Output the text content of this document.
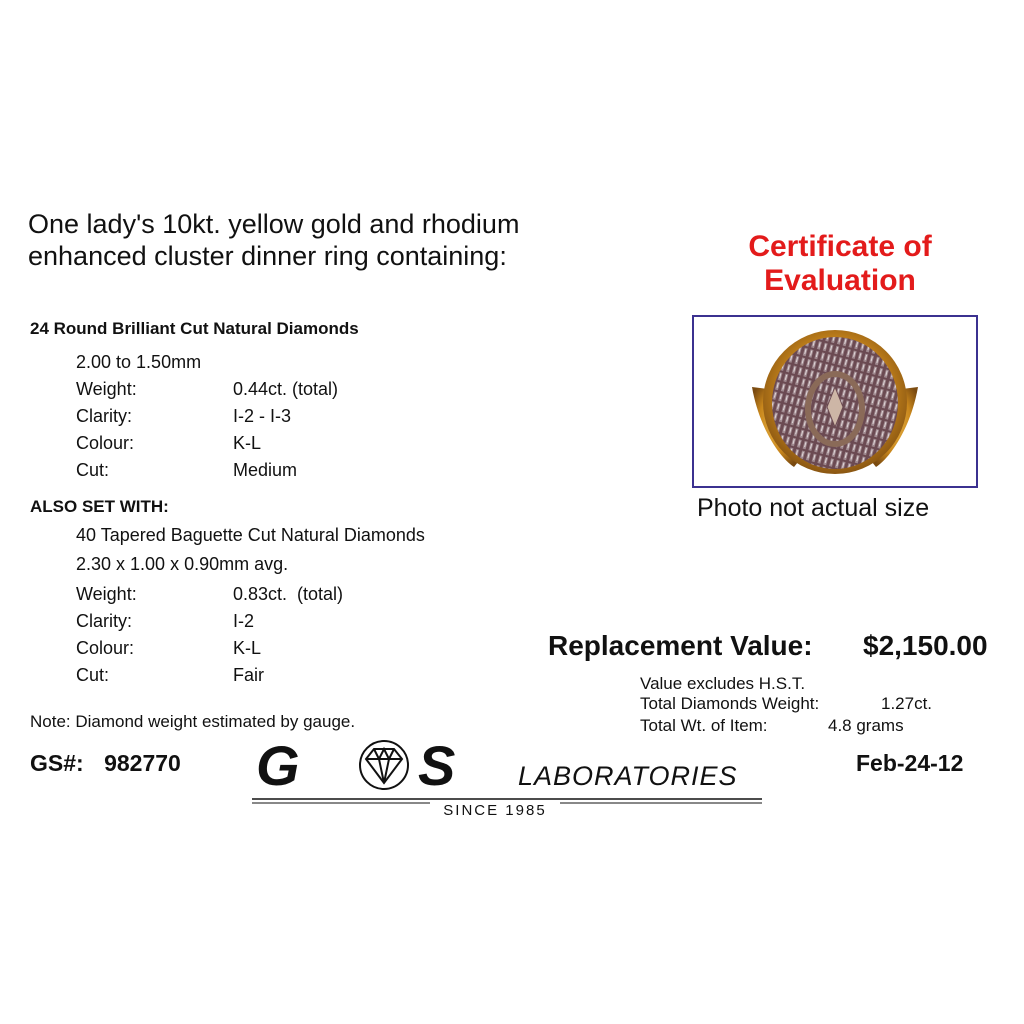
One lady's 10kt. yellow gold and rhodium
enhanced cluster dinner ring containing:
24 Round Brilliant Cut Natural Diamonds
2.00 to 1.50mm
Weight:	0.44ct. (total)
Clarity:	I-2 - I-3
Colour:	K-L
Cut:	Medium
ALSO SET WITH:
40 Tapered Baguette Cut Natural Diamonds
2.30 x 1.00 x 0.90mm avg.
Weight:	0.83ct.  (total)
Clarity:	I-2
Colour:	K-L
Cut:	Fair
Certificate of
Evaluation
Photo not actual size
Replacement Value: $2,150.00
Value excludes H.S.T.
Total Diamonds Weight:	1.27ct.
Total Wt. of Item:	4.8 grams
Note: Diamond weight estimated by gauge.
GS#: 982770	Feb-24-12
G S LABORATORIES
SINCE 1985
